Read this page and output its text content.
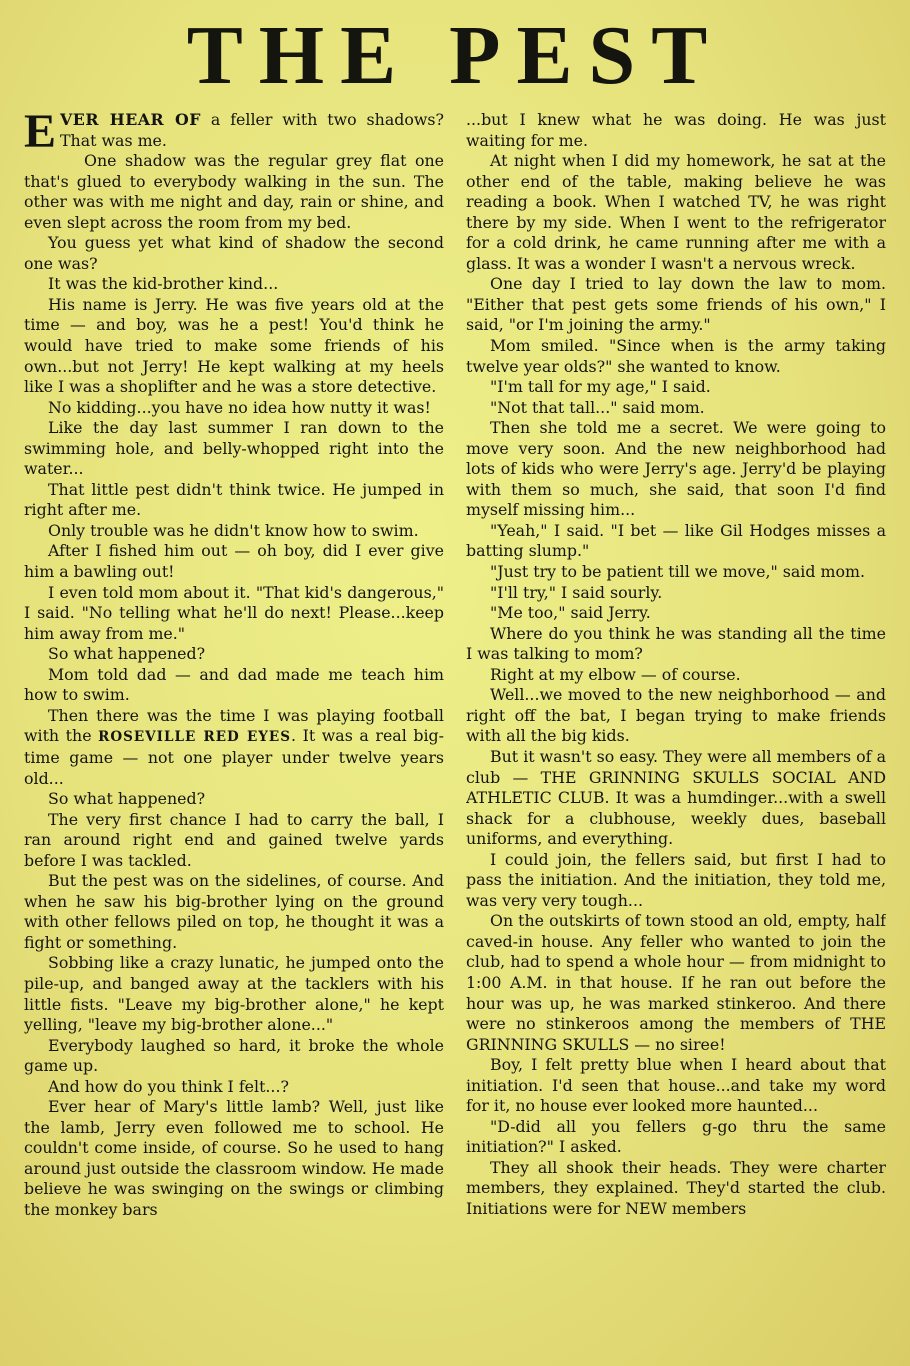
THE PEST

EVER HEAR OF a feller with two shadows? That was me.

One shadow was the regular grey flat one that's glued to everybody walking in the sun. The other was with me night and day, rain or shine, and even slept across the room from my bed.

You guess yet what kind of shadow the second one was?

It was the kid-brother kind...

His name is Jerry. He was five years old at the time — and boy, was he a pest! You'd think he would have tried to make some friends of his own...but not Jerry! He kept walking at my heels like I was a shoplifter and he was a store detective.

No kidding...you have no idea how nutty it was!

Like the day last summer I ran down to the swimming hole, and belly-whopped right into the water...

That little pest didn't think twice. He jumped in right after me.

Only trouble was he didn't know how to swim.

After I fished him out — oh boy, did I ever give him a bawling out!

I even told mom about it. "That kid's dangerous," I said. "No telling what he'll do next! Please...keep him away from me."

So what happened?

Mom told dad — and dad made me teach him how to swim.

Then there was the time I was playing football with the ROSEVILLE RED EYES. It was a real big-time game — not one player under twelve years old...

So what happened?

The very first chance I had to carry the ball, I ran around right end and gained twelve yards before I was tackled.

But the pest was on the sidelines, of course. And when he saw his big-brother lying on the ground with other fellows piled on top, he thought it was a fight or something.

Sobbing like a crazy lunatic, he jumped onto the pile-up, and banged away at the tacklers with his little fists. "Leave my big-brother alone," he kept yelling, "leave my big-brother alone..."

Everybody laughed so hard, it broke the whole game up.

And how do you think I felt...?

Ever hear of Mary's little lamb? Well, just like the lamb, Jerry even followed me to school. He couldn't come inside, of course. So he used to hang around just outside the classroom window. He made believe he was swinging on the swings or climbing the monkey bars

...but I knew what he was doing. He was just waiting for me.

At night when I did my homework, he sat at the other end of the table, making believe he was reading a book. When I watched TV, he was right there by my side. When I went to the refrigerator for a cold drink, he came running after me with a glass. It was a wonder I wasn't a nervous wreck.

One day I tried to lay down the law to mom. "Either that pest gets some friends of his own," I said, "or I'm joining the army."

Mom smiled. "Since when is the army taking twelve year olds?" she wanted to know.

"I'm tall for my age," I said.

"Not that tall..." said mom.

Then she told me a secret. We were going to move very soon. And the new neighborhood had lots of kids who were Jerry's age. Jerry'd be playing with them so much, she said, that soon I'd find myself missing him...

"Yeah," I said. "I bet — like Gil Hodges misses a batting slump."

"Just try to be patient till we move," said mom.

"I'll try," I said sourly.

"Me too," said Jerry.

Where do you think he was standing all the time I was talking to mom?

Right at my elbow — of course.

Well...we moved to the new neighborhood — and right off the bat, I began trying to make friends with all the big kids.

But it wasn't so easy. They were all members of a club — THE GRINNING SKULLS SOCIAL AND ATHLETIC CLUB. It was a humdinger...with a swell shack for a clubhouse, weekly dues, baseball uniforms, and everything.

I could join, the fellers said, but first I had to pass the initiation. And the initiation, they told me, was very very tough...

On the outskirts of town stood an old, empty, half caved-in house. Any feller who wanted to join the club, had to spend a whole hour — from midnight to 1:00 A.M. in that house. If he ran out before the hour was up, he was marked stinkeroo. And there were no stinkeroos among the members of THE GRINNING SKULLS — no siree!

Boy, I felt pretty blue when I heard about that initiation. I'd seen that house...and take my word for it, no house ever looked more haunted...

"D-did all you fellers g-go thru the same initiation?" I asked.

They all shook their heads. They were charter members, they explained. They'd started the club. Initiations were for NEW members
